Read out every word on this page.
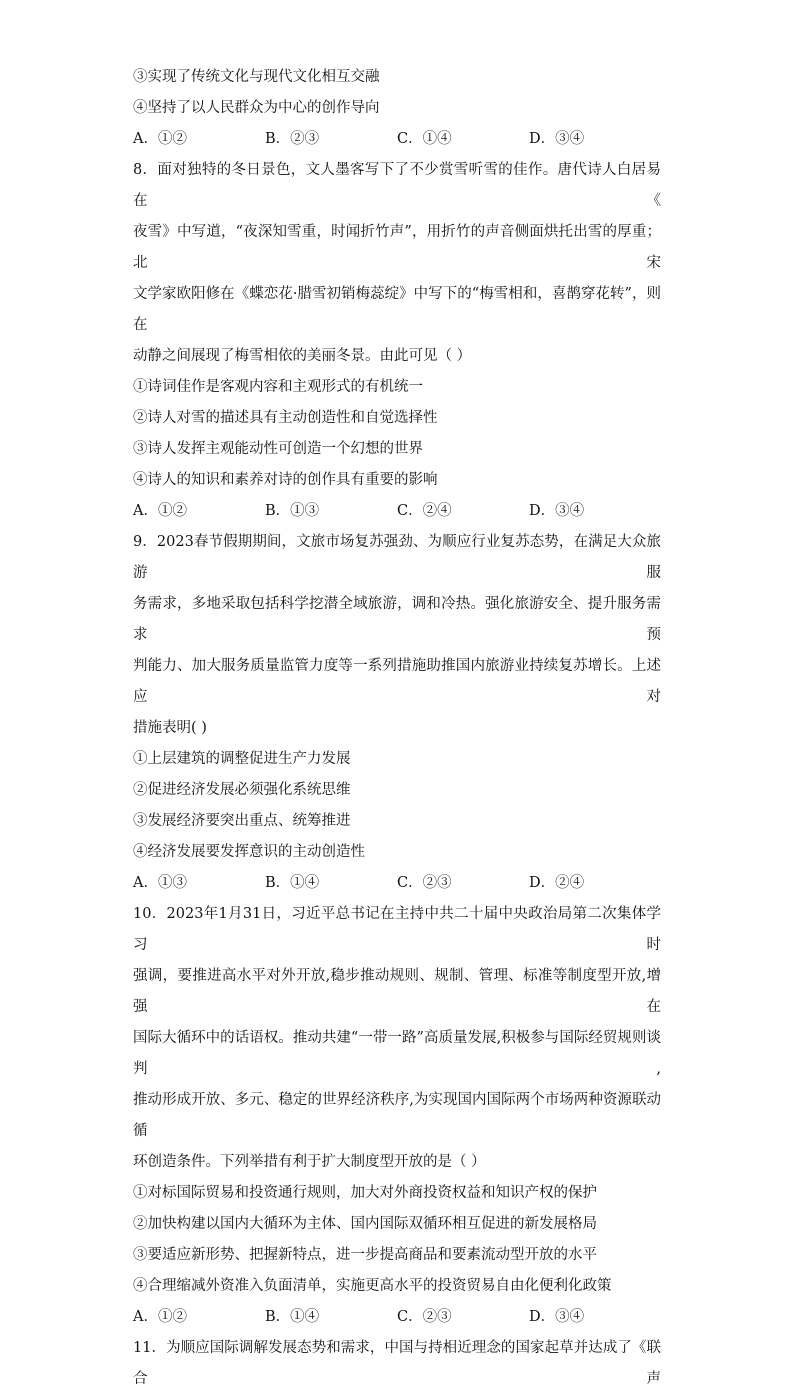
③实现了传统文化与现代文化相互交融
④坚持了以人民群众为中心的创作导向
A．①②	B．②③	C．①④	D．③④
8．面对独特的冬日景色，文人墨客写下了不少赏雪听雪的佳作。唐代诗人白居易在《
夜雪》中写道，“夜深知雪重，时闻折竹声”，用折竹的声音侧面烘托出雪的厚重；北宋
文学家欧阳修在《蝶恋花·腊雪初销梅蕊绽》中写下的“梅雪相和，喜鹊穿花转”，则在
动静之间展现了梅雪相依的美丽冬景。由此可见（ ）
①诗词佳作是客观内容和主观形式的有机统一
②诗人对雪的描述具有主动创造性和自觉选择性
③诗人发挥主观能动性可创造一个幻想的世界
④诗人的知识和素养对诗的创作具有重要的影响
A．①②	B．①③	C．②④	D．③④
9．2023春节假期期间，文旅市场复苏强劲、为顺应行业复苏态势，在满足大众旅游服
务需求，多地采取包括科学挖潜全域旅游，调和冷热。强化旅游安全、提升服务需求预
判能力、加大服务质量监管力度等一系列措施助推国内旅游业持续复苏增长。上述应对
措施表明( )
①上层建筑的调整促进生产力发展
②促进经济发展必须强化系统思维
③发展经济要突出重点、统筹推进
④经济发展要发挥意识的主动创造性
A．①③	B．①④	C．②③	D．②④
10．2023年1月31日，习近平总书记在主持中共二十届中央政治局第二次集体学习时
强调，要推进高水平对外开放,稳步推动规则、规制、管理、标准等制度型开放,增强在
国际大循环中的话语权。推动共建“一带一路”高质量发展,积极参与国际经贸规则谈判,
推动形成开放、多元、稳定的世界经济秩序,为实现国内国际两个市场两种资源联动循
环创造条件。下列举措有利于扩大制度型开放的是（ ）
①对标国际贸易和投资通行规则，加大对外商投资权益和知识产权的保护
②加快构建以国内大循环为主体、国内国际双循环相互促进的新发展格局
③要适应新形势、把握新特点，进一步提高商品和要素流动型开放的水平
④合理缩减外资准入负面清单，实施更高水平的投资贸易自由化便利化政策
A．①②	B．①④	C．②③	D．③④
11．为顺应国际调解发展态势和需求，中国与持相近理念的国家起草并达成了《联合声
